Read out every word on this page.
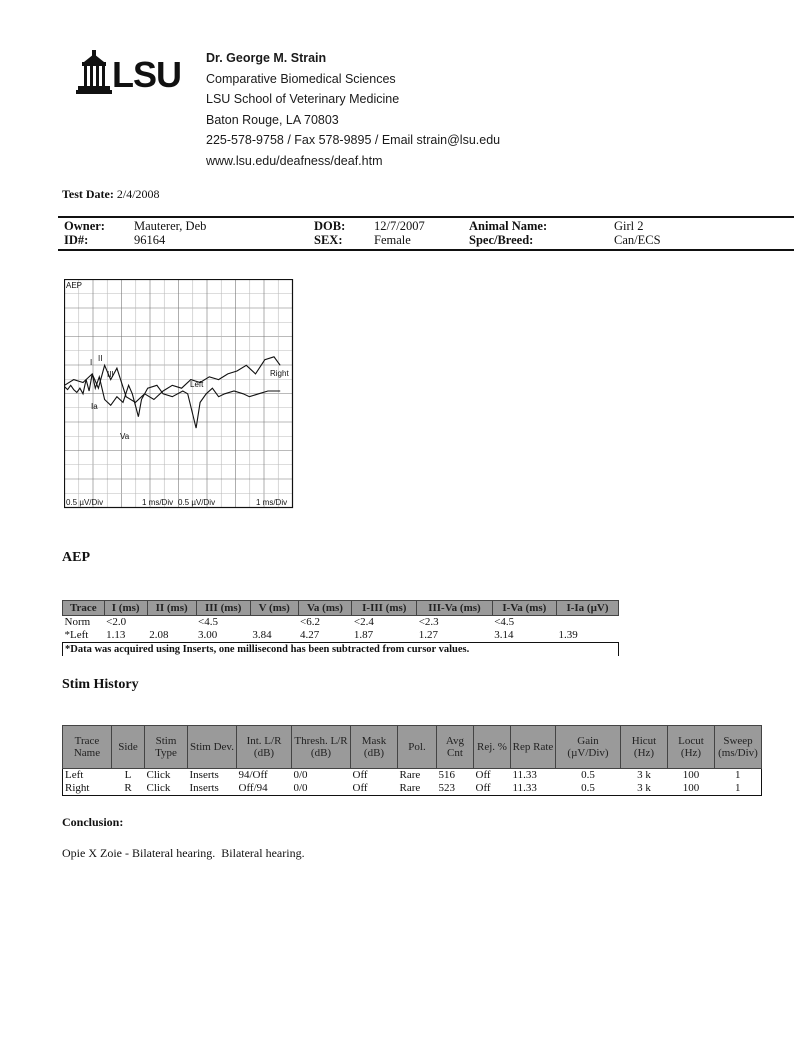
LSU Dr. George M. Strain
Comparative Biomedical Sciences
LSU School of Veterinary Medicine
Baton Rouge, LA 70803
225-578-9758 / Fax 578-9895 / Email strain@lsu.edu
www.lsu.edu/deafness/deaf.htm
Test Date: 2/4/2008
Owner:	Mauterer, Deb	DOB:	12/7/2007	Animal Name:	Girl 2
ID#:	96164	SEX:	Female	Spec/Breed:	Can/ECS
AEP
I II
III
Ia
Va
Left
Right
0.5 µV/Div	1 ms/Div 0.5 µV/Div	1 ms/Div
AEP
Trace	I (ms)	II (ms)	III (ms)	V (ms)	Va (ms)	I-III (ms)	III-Va (ms)	I-Va (ms)	I-Ia (µV)
Norm	<2.0		<4.5		<6.2	<2.4	<2.3	<4.5	
*Left	1.13	2.08	3.00	3.84	4.27	1.87	1.27	3.14	1.39
*Data was acquired using Inserts, one millisecond has been subtracted from cursor values.									
Stim History
Trace Name	Side	Stim Type	Stim Dev.	Int. L/R (dB)	Thresh. L/R (dB)	Mask (dB)	Pol.	Avg Cnt	Rej. %	Rep Rate	Gain (µV/Div)	Hicut (Hz)	Locut (Hz)	Sweep (ms/Div)
Left	L	Click	Inserts	94/Off	0/0	Off	Rare	516	Off	11.33	0.5	3 k	100	1
Right	R	Click	Inserts	Off/94	0/0	Off	Rare	523	Off	11.33	0.5	3 k	100	1
Conclusion:
Opie X Zoie - Bilateral hearing.  Bilateral hearing.
